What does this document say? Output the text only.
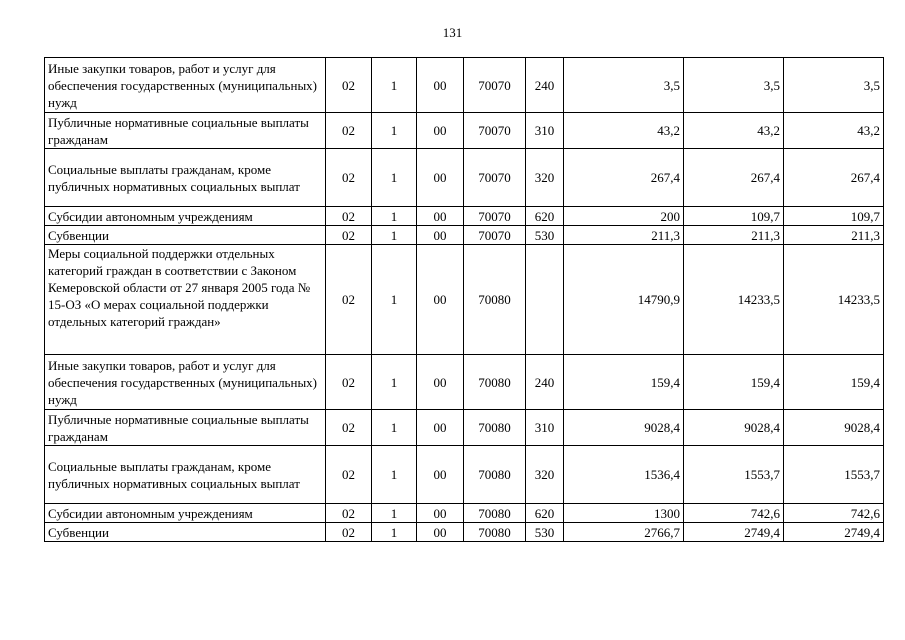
131
Иные закупки товаров, работ и услуг для обеспечения государственных (муниципальных) нужд	02	1	00	70070	240	3,5	3,5	3,5
Публичные нормативные социальные выплаты гражданам	02	1	00	70070	310	43,2	43,2	43,2
Социальные выплаты гражданам, кроме публичных нормативных социальных выплат	02	1	00	70070	320	267,4	267,4	267,4
Субсидии автономным учреждениям	02	1	00	70070	620	200	109,7	109,7
Субвенции	02	1	00	70070	530	211,3	211,3	211,3
Меры социальной поддержки отдельных категорий граждан в соответствии с Законом Кемеровской области от 27 января 2005 года № 15-ОЗ «О мерах социальной поддержки отдельных категорий граждан»	02	1	00	70080		14790,9	14233,5	14233,5
Иные закупки товаров, работ и услуг для обеспечения государственных (муниципальных) нужд	02	1	00	70080	240	159,4	159,4	159,4
Публичные нормативные социальные выплаты гражданам	02	1	00	70080	310	9028,4	9028,4	9028,4
Социальные выплаты гражданам, кроме публичных нормативных социальных выплат	02	1	00	70080	320	1536,4	1553,7	1553,7
Субсидии автономным учреждениям	02	1	00	70080	620	1300	742,6	742,6
Субвенции	02	1	00	70080	530	2766,7	2749,4	2749,4
